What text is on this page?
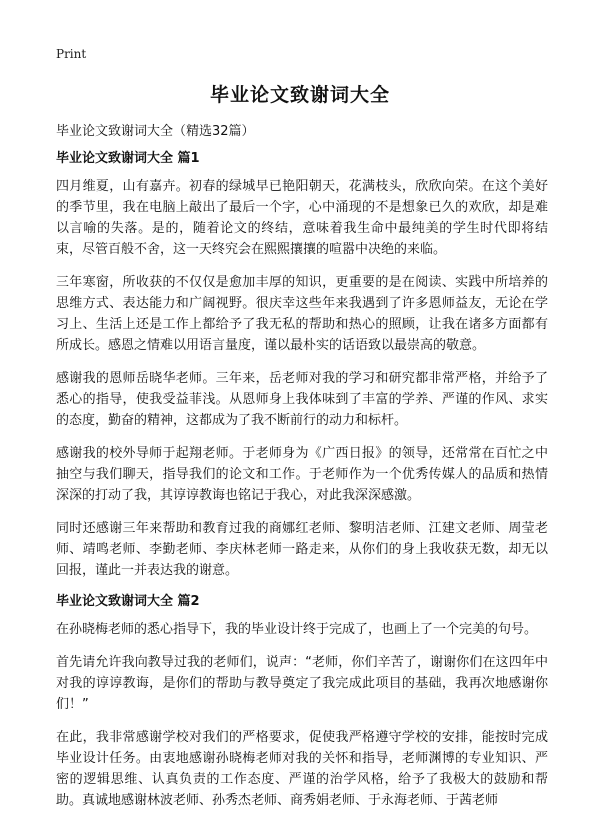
Print
毕业论文致谢词大全
毕业论文致谢词大全（精选32篇）
毕业论文致谢词大全 篇1

四月维夏，山有嘉卉。初春的绿城早已艳阳朝天，花满枝头，欣欣向荣。在这个美好的季节里，我在电脑上敲出了最后一个字，心中涌现的不是想象已久的欢欣，却是难以言喻的失落。是的，随着论文的终结，意味着我生命中最纯美的学生时代即将结束，尽管百般不舍，这一天终究会在熙熙攘攘的喧嚣中决绝的来临。

三年寒窗，所收获的不仅仅是愈加丰厚的知识，更重要的是在阅读、实践中所培养的思维方式、表达能力和广阔视野。很庆幸这些年来我遇到了许多恩师益友，无论在学习上、生活上还是工作上都给予了我无私的帮助和热心的照顾，让我在诸多方面都有所成长。感恩之情难以用语言量度，谨以最朴实的话语致以最崇高的敬意。

感谢我的恩师岳晓华老师。三年来，岳老师对我的学习和研究都非常严格，并给予了悉心的指导，使我受益菲浅。从恩师身上我体味到了丰富的学养、严谨的作风、求实的态度，勤奋的精神，这都成为了我不断前行的动力和标杆。

感谢我的校外导师于起翔老师。于老师身为《广西日报》的领导，还常常在百忙之中抽空与我们聊天，指导我们的论文和工作。于老师作为一个优秀传媒人的品质和热情深深的打动了我，其谆谆教诲也铭记于我心，对此我深深感激。

同时还感谢三年来帮助和教育过我的商娜红老师、黎明洁老师、江建文老师、周莹老师、靖鸣老师、李勤老师、李庆林老师一路走来，从你们的身上我收获无数，却无以回报，谨此一并表达我的谢意。

毕业论文致谢词大全 篇2

在孙晓梅老师的悉心指导下，我的毕业设计终于完成了，也画上了一个完美的句号。

首先请允许我向教导过我的老师们，说声：“老师，你们辛苦了，谢谢你们在这四年中对我的谆谆教诲，是你们的帮助与教导奠定了我完成此项目的基础，我再次地感谢你们！”

在此，我非常感谢学校对我们的严格要求，促使我严格遵守学校的安排，能按时完成毕业设计任务。由衷地感谢孙晓梅老师对我的关怀和指导，老师渊博的专业知识、严密的逻辑思维、认真负责的工作态度、严谨的治学风格，给予了我极大的鼓励和帮助。真诚地感谢林波老师、孙秀杰老师、商秀娟老师、于永海老师、于茜老师
